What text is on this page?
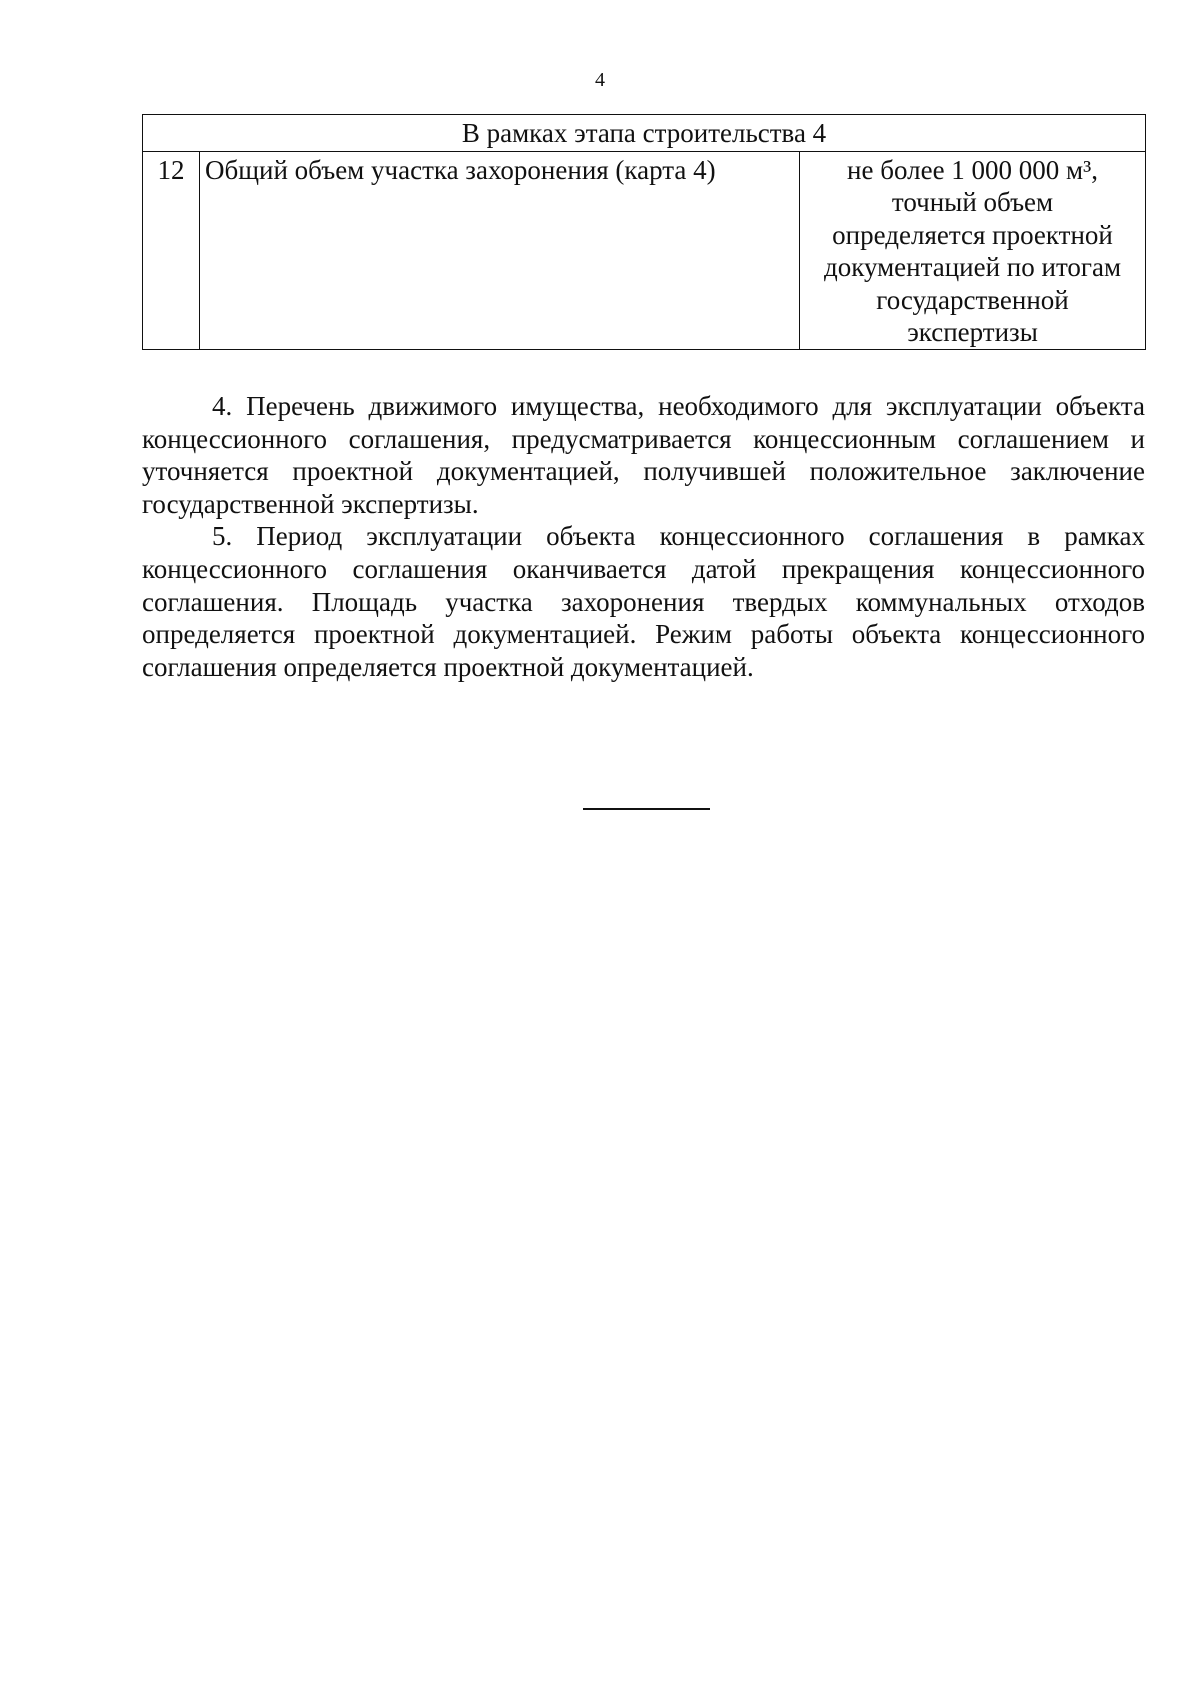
4
В рамках этапа строительства 4
12	Общий объем участка захоронения (карта 4)	не более 1 000 000 м³,
точный объем
определяется проектной
документацией по итогам
государственной
экспертизы

4. Перечень движимого имущества, необходимого для эксплуатации объекта концессионного соглашения, предусматривается концессионным соглашением и уточняется проектной документацией, получившей положительное заключение государственной экспертизы.

5. Период эксплуатации объекта концессионного соглашения в рамках концессионного соглашения оканчивается датой прекращения концессионного соглашения. Площадь участка захоронения твердых коммунальных отходов определяется проектной документацией. Режим работы объекта концессионного соглашения определяется проектной документацией.
